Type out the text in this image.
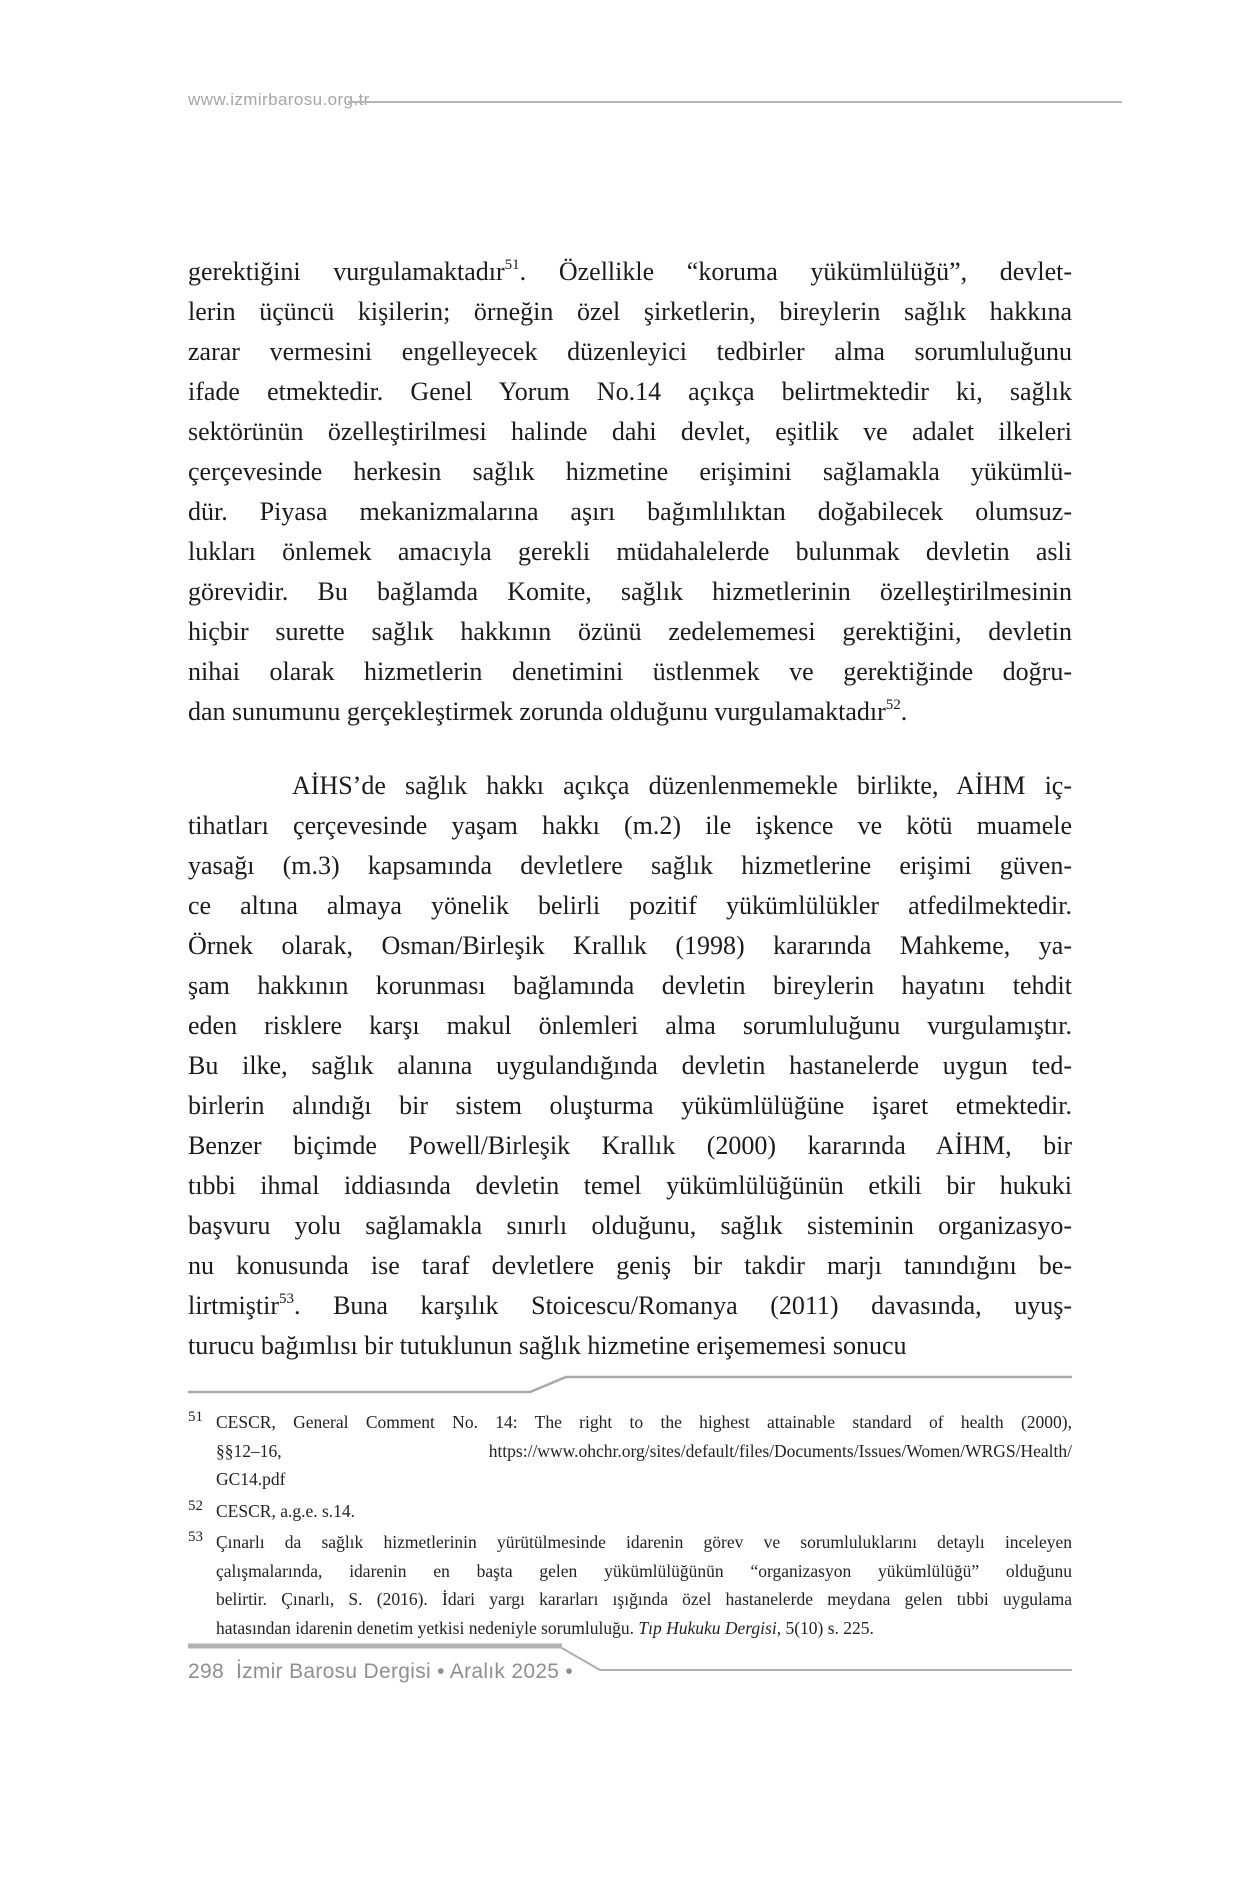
www.izmirbarosu.org.tr
gerektiğini vurgulamaktadır$^{51}$. Özellikle “koruma yükümlülüğü”, devlet-
lerin üçüncü kişilerin; örneğin özel şirketlerin, bireylerin sağlık hakkına
zarar vermesini engelleyecek düzenleyici tedbirler alma sorumluluğunu
ifade etmektedir. Genel Yorum No.14 açıkça belirtmektedir ki, sağlık
sektörünün özelleştirilmesi halinde dahi devlet, eşitlik ve adalet ilkeleri
çerçevesinde herkesin sağlık hizmetine erişimini sağlamakla yükümlü-
dür. Piyasa mekanizmalarına aşırı bağımlılıktan doğabilecek olumsuz-
lukları önlemek amacıyla gerekli müdahalelerde bulunmak devletin asli
görevidir. Bu bağlamda Komite, sağlık hizmetlerinin özelleştirilmesinin
hiçbir surette sağlık hakkının özünü zedelememesi gerektiğini, devletin
nihai olarak hizmetlerin denetimini üstlenmek ve gerektiğinde doğru-
dan sunumunu gerçekleştirmek zorunda olduğunu vurgulamaktadır$^{52}$.
AİHS’de sağlık hakkı açıkça düzenlenmemekle birlikte, AİHM iç-
tihatları çerçevesinde yaşam hakkı (m.2) ile işkence ve kötü muamele
yasağı (m.3) kapsamında devletlere sağlık hizmetlerine erişimi güven-
ce altına almaya yönelik belirli pozitif yükümlülükler atfedilmektedir.
Örnek olarak, Osman/Birleşik Krallık (1998) kararında Mahkeme, ya-
şam hakkının korunması bağlamında devletin bireylerin hayatını tehdit
eden risklere karşı makul önlemleri alma sorumluluğunu vurgulamıştır.
Bu ilke, sağlık alanına uygulandığında devletin hastanelerde uygun ted-
birlerin alındığı bir sistem oluşturma yükümlülüğüne işaret etmektedir.
Benzer biçimde Powell/Birleşik Krallık (2000) kararında AİHM, bir
tıbbi ihmal iddiasında devletin temel yükümlülüğünün etkili bir hukuki
başvuru yolu sağlamakla sınırlı olduğunu, sağlık sisteminin organizasyo-
nu konusunda ise taraf devletlere geniş bir takdir marjı tanındığını be-
lirtmiştir$^{53}$. Buna karşılık Stoicescu/Romanya (2011) davasında, uyuş-
turucu bağımlısı bir tutuklunun sağlık hizmetine erişememesi sonucu
51 CESCR, General Comment No. 14: The right to the highest attainable standard of health (2000),
§§12–16, https://www.ohchr.org/sites/default/files/Documents/Issues/Women/WRGS/Health/
GC14.pdf
52 CESCR, a.g.e. s.14.
53 Çınarlı da sağlık hizmetlerinin yürütülmesinde idarenin görev ve sorumluluklarını detaylı inceleyen
çalışmalarında, idarenin en başta gelen yükümlülüğünün “organizasyon yükümlülüğü” olduğunu
belirtir. Çınarlı, S. (2016). İdari yargı kararları ışığında özel hastanelerde meydana gelen tıbbi uygulama
hatasından idarenin denetim yetkisi nedeniyle sorumluluğu. Tıp Hukuku Dergisi, 5(10) s. 225.
298 İzmir Barosu Dergisi • Aralık 2025 •
